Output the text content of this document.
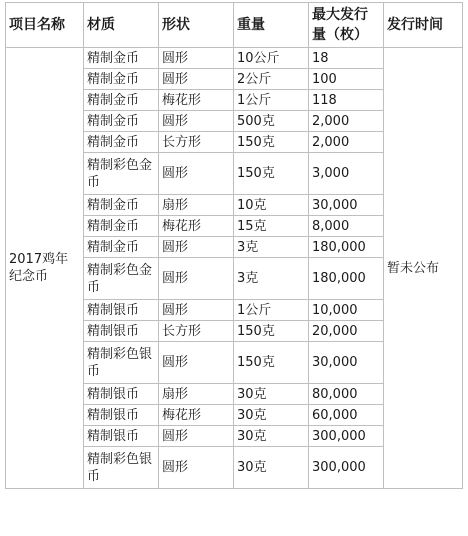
项目名称	材质	形状	重量	最大发行量（枚）	发行时间
2017鸡年纪念币	精制金币	圆形	10公斤	18	暂未公布
	精制金币	圆形	2公斤	100	
	精制金币	梅花形	1公斤	118	
	精制金币	圆形	500克	2,000	
	精制金币	长方形	150克	2,000	
	精制彩色金币	圆形	150克	3,000	
	精制金币	扇形	10克	30,000	
	精制金币	梅花形	15克	8,000	
	精制金币	圆形	3克	180,000	
	精制彩色金币	圆形	3克	180,000	
	精制银币	圆形	1公斤	10,000	
	精制银币	长方形	150克	20,000	
	精制彩色银币	圆形	150克	30,000	
	精制银币	扇形	30克	80,000	
	精制银币	梅花形	30克	60,000	
	精制银币	圆形	30克	300,000	
	精制彩色银币	圆形	30克	300,000	
